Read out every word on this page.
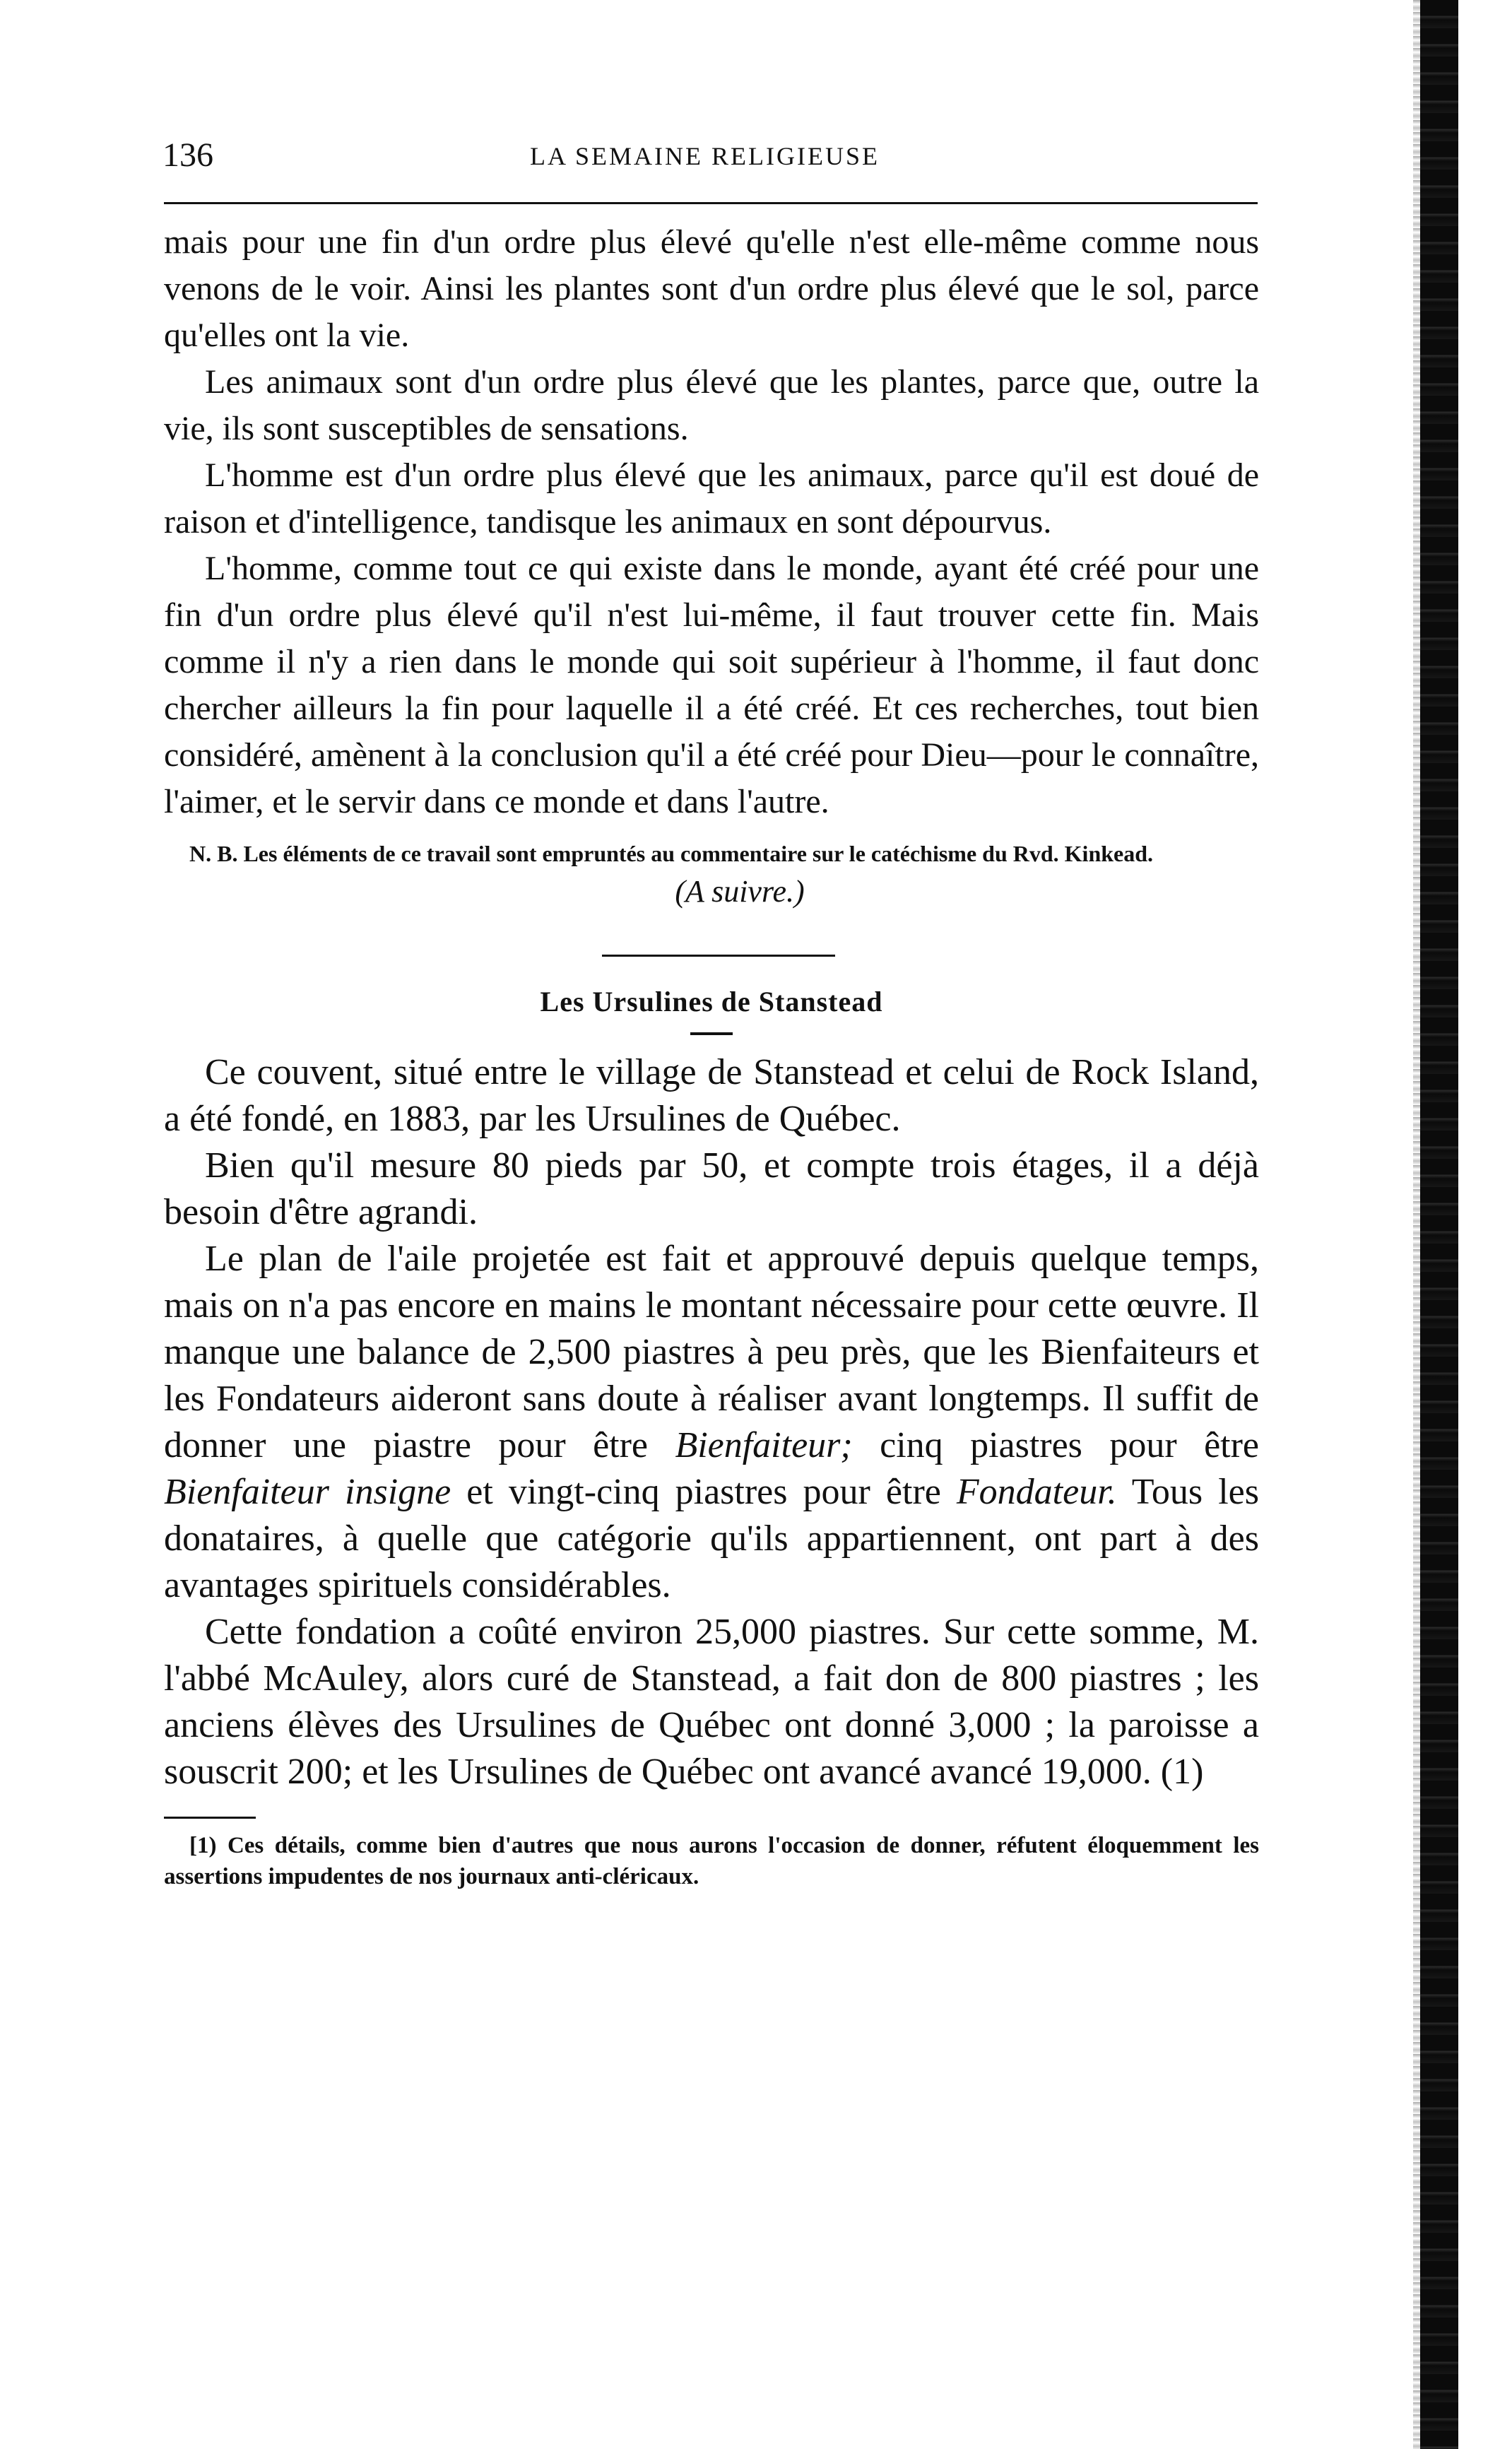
136	LA SEMAINE RELIGIEUSE

mais pour une fin d'un ordre plus élevé qu'elle n'est elle-même comme nous venons de le voir. Ainsi les plantes sont d'un ordre plus élevé que le sol, parce qu'elles ont la vie.

Les animaux sont d'un ordre plus élevé que les plantes, parce que, outre la vie, ils sont susceptibles de sensations.

L'homme est d'un ordre plus élevé que les animaux, parce qu'il est doué de raison et d'intelligence, tandisque les animaux en sont dépourvus.

L'homme, comme tout ce qui existe dans le monde, ayant été créé pour une fin d'un ordre plus élevé qu'il n'est lui-même, il faut trouver cette fin. Mais comme il n'y a rien dans le monde qui soit supérieur à l'homme, il faut donc chercher ailleurs la fin pour laquelle il a été créé. Et ces recherches, tout bien considéré, amènent à la conclusion qu'il a été créé pour Dieu—pour le connaître, l'aimer, et le servir dans ce monde et dans l'autre.

N. B. Les éléments de ce travail sont empruntés au commentaire sur le catéchisme du Rvd. Kinkead.

(A suivre.)

Les Ursulines de Stanstead

Ce couvent, situé entre le village de Stanstead et celui de Rock Island, a été fondé, en 1883, par les Ursulines de Québec.

Bien qu'il mesure 80 pieds par 50, et compte trois étages, il a déjà besoin d'être agrandi.

Le plan de l'aile projetée est fait et approuvé depuis quelque temps, mais on n'a pas encore en mains le montant nécessaire pour cette œuvre. Il manque une balance de 2,500 piastres à peu près, que les Bienfaiteurs et les Fondateurs aideront sans doute à réaliser avant longtemps. Il suffit de donner une piastre pour être Bienfaiteur; cinq piastres pour être Bienfaiteur insigne et vingt-cinq piastres pour être Fondateur. Tous les donataires, à quelle que catégorie qu'ils appartiennent, ont part à des avantages spirituels considérables.

Cette fondation a coûté environ 25,000 piastres. Sur cette somme, M. l'abbé McAuley, alors curé de Stanstead, a fait don de 800 piastres ; les anciens élèves des Ursulines de Québec ont donné 3,000 ; la paroisse a souscrit 200; et les Ursulines de Québec ont avancé avancé 19,000. (1)

[1) Ces détails, comme bien d'autres que nous aurons l'occasion de donner, réfutent éloquemment les assertions impudentes de nos journaux anti-cléricaux.
